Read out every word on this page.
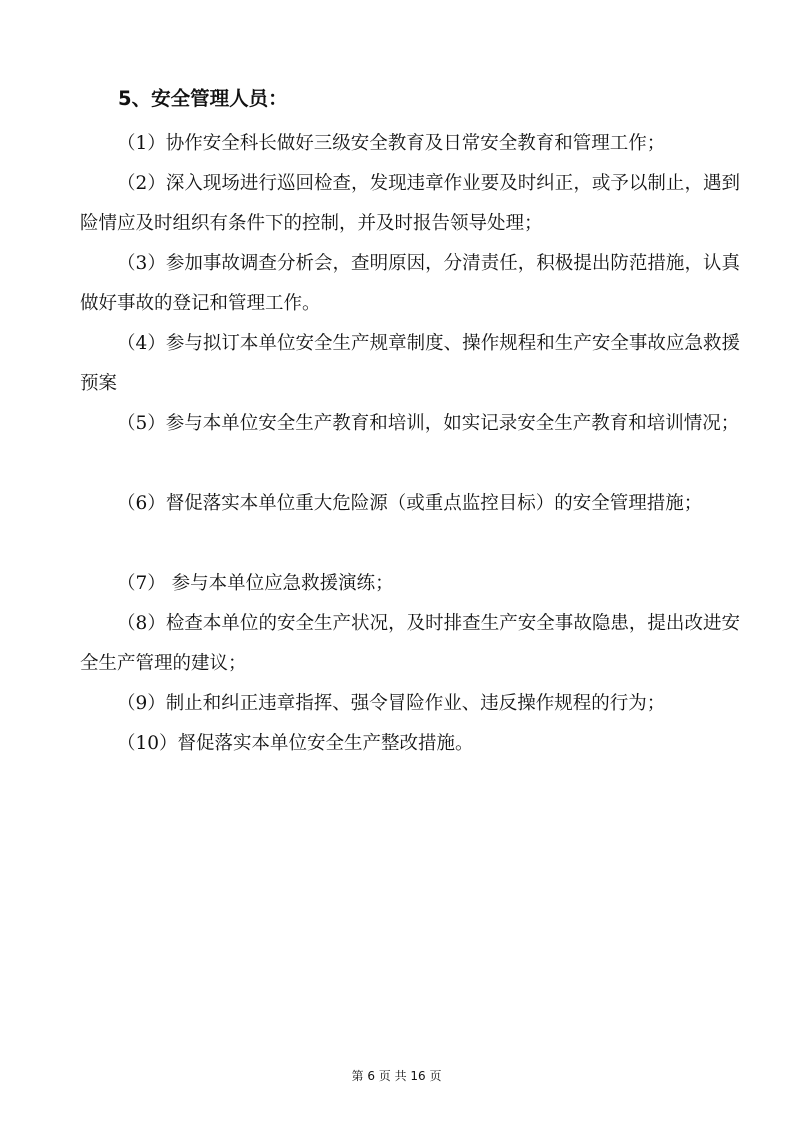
5、安全管理人员：

（1）协作安全科长做好三级安全教育及日常安全教育和管理工作；

（2）深入现场进行巡回检查，发现违章作业要及时纠正，或予以制止，遇到险情应及时组织有条件下的控制，并及时报告领导处理；

（3）参加事故调查分析会，查明原因，分清责任，积极提出防范措施，认真做好事故的登记和管理工作。

（4）参与拟订本单位安全生产规章制度、操作规程和生产安全事故应急救援预案

（5）参与本单位安全生产教育和培训，如实记录安全生产教育和培训情况；

（6）督促落实本单位重大危险源（或重点监控目标）的安全管理措施；

（7） 参与本单位应急救援演练；

（8）检查本单位的安全生产状况，及时排查生产安全事故隐患，提出改进安全生产管理的建议；

（9）制止和纠正违章指挥、强令冒险作业、违反操作规程的行为；

（10）督促落实本单位安全生产整改措施。

第 6 页 共 16 页
